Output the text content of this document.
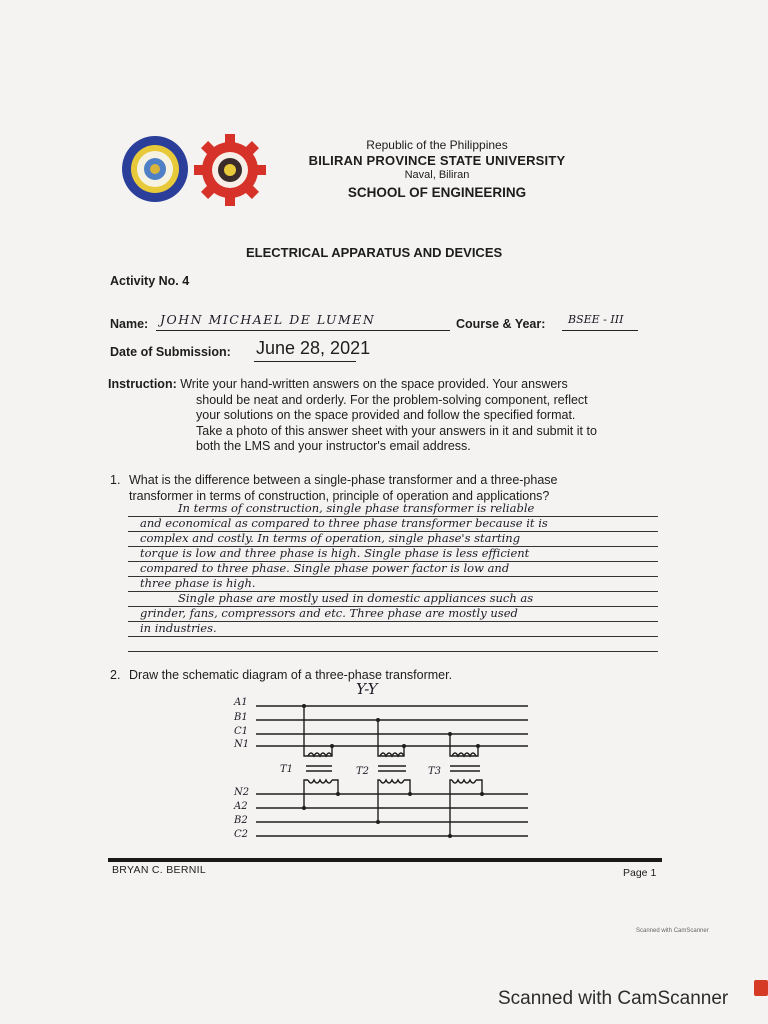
Republic of the Philippines
BILIRAN PROVINCE STATE UNIVERSITY
Naval, Biliran
SCHOOL OF ENGINEERING
ELECTRICAL APPARATUS AND DEVICES
Activity No. 4
Name: JOHN MICHAEL DE LUMEN	Course & Year: BSEE - III
Date of Submission: June 28, 2021
Instruction: Write your hand-written answers on the space provided. Your answers
should be neat and orderly. For the problem-solving component, reflect
your solutions on the space provided and follow the specified format.
Take a photo of this answer sheet with your answers in it and submit it to
both the LMS and your instructor's email address.
1. What is the difference between a single-phase transformer and a three-phase
transformer in terms of construction, principle of operation and applications?
In terms of construction, single phase transformer is reliable
and economical as compared to three phase transformer because it is
complex and costly. In terms of operation, single phase's starting
torque is low and three phase is high. Single phase is less efficient
compared to three phase. Single phase power factor is low and
three phase is high.
Single phase are mostly used in domestic appliances such as
grinder, fans, compressors and etc. Three phase are mostly used
in industries.
2. Draw the schematic diagram of a three-phase transformer.
Y-Y
A1
B1
C1
N1
N2
A2
B2
C2
T1	T2	T3
BRYAN C. BERNIL	Page 1
Scanned with CamScanner
Scanned with CamScanner
